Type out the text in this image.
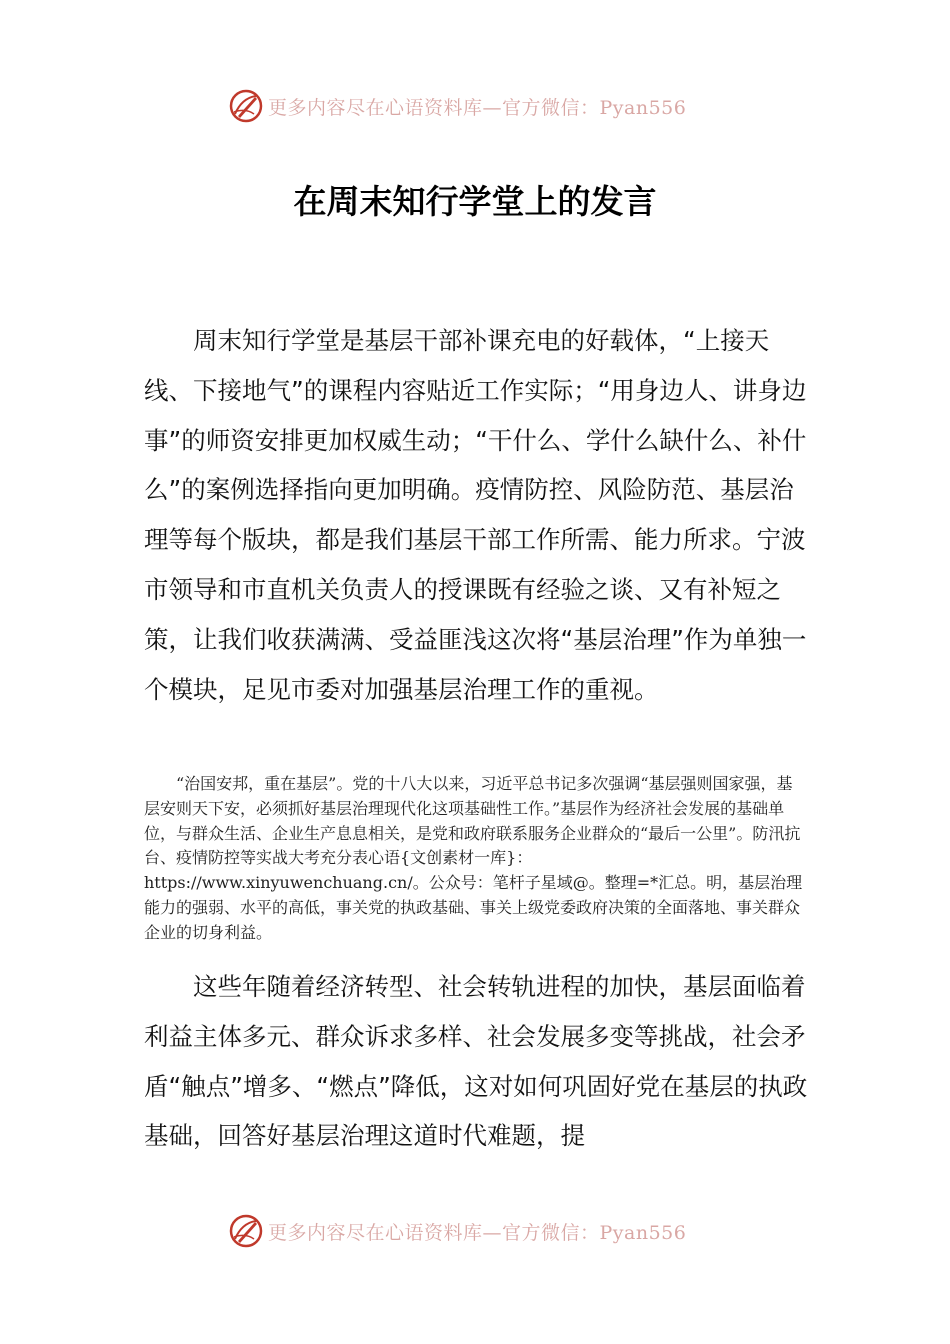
更多内容尽在心语资料库—官方微信：Pyan556
在周末知行学堂上的发言

周末知行学堂是基层干部补课充电的好载体，“上接天线、下接地气”的课程内容贴近工作实际；“用身边人、讲身边事”的师资安排更加权威生动；“干什么、学什么缺什么、补什么”的案例选择指向更加明确。疫情防控、风险防范、基层治理等每个版块，都是我们基层干部工作所需、能力所求。宁波市领导和市直机关负责人的授课既有经验之谈、又有补短之策，让我们收获满满、受益匪浅这次将“基层治理”作为单独一个模块，足见市委对加强基层治理工作的重视。

“治国安邦，重在基层”。党的十八大以来，习近平总书记多次强调“基层强则国家强，基层安则天下安，必须抓好基层治理现代化这项基础性工作。”基层作为经济社会发展的基础单位，与群众生活、企业生产息息相关，是党和政府联系服务企业群众的“最后一公里”。防汛抗台、疫情防控等实战大考充分表心语{文创素材一库}：https://www.xinyuwenchuang.cn/。公众号：笔杆子星域@。整理=*汇总。明，基层治理能力的强弱、水平的高低，事关党的执政基础、事关上级党委政府决策的全面落地、事关群众企业的切身利益。

这些年随着经济转型、社会转轨进程的加快，基层面临着利益主体多元、群众诉求多样、社会发展多变等挑战，社会矛盾“触点”增多、“燃点”降低，这对如何巩固好党在基层的执政基础，回答好基层治理这道时代难题，提

更多内容尽在心语资料库—官方微信：Pyan556
